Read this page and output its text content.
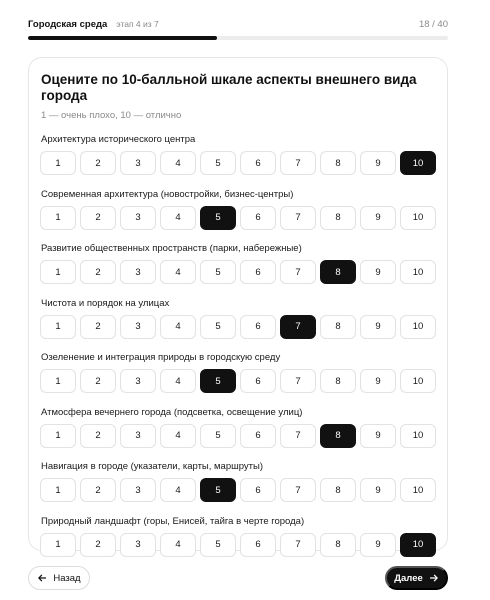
Городская среда этап 4 из 7	18 / 40
Оцените по 10-балльной шкале аспекты внешнего вида города
1 — очень плохо, 10 — отлично
Архитектура исторического центра
1	2	3	4	5	6	7	8	9	10
Современная архитектура (новостройки, бизнес-центры)
1	2	3	4	5	6	7	8	9	10
Развитие общественных пространств (парки, набережные)
1	2	3	4	5	6	7	8	9	10
Чистота и порядок на улицах
1	2	3	4	5	6	7	8	9	10
Озеленение и интеграция природы в городскую среду
1	2	3	4	5	6	7	8	9	10
Атмосфера вечернего города (подсветка, освещение улиц)
1	2	3	4	5	6	7	8	9	10
Навигация в городе (указатели, карты, маршруты)
1	2	3	4	5	6	7	8	9	10
Природный ландшафт (горы, Енисей, тайга в черте города)
1	2	3	4	5	6	7	8	9	10
Назад	Далее
